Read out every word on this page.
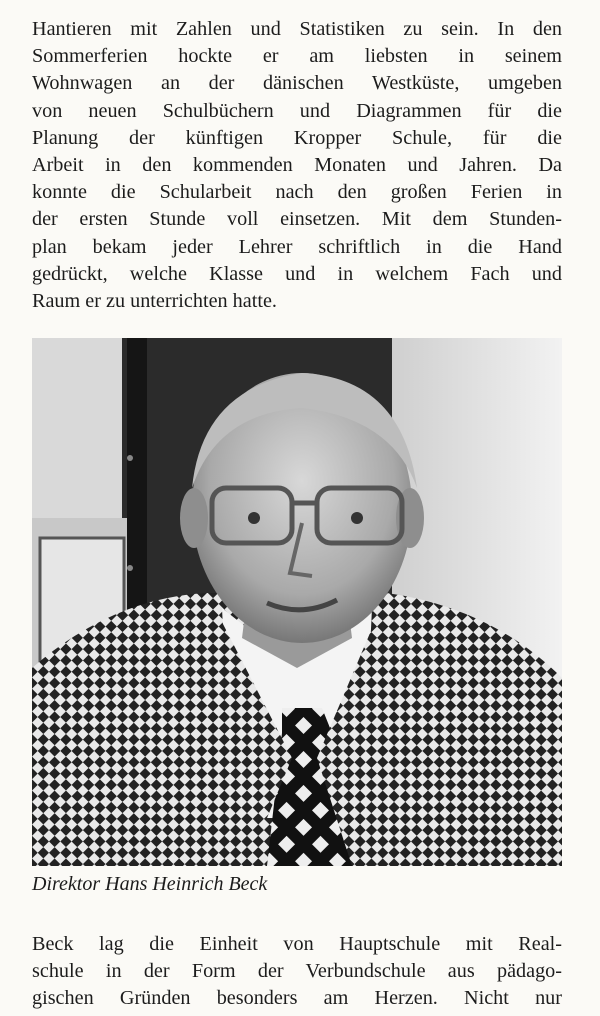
Hantieren mit Zahlen und Statistiken zu sein. In den
Sommerferien hockte er am liebsten in seinem
Wohnwagen an der dänischen Westküste, umgeben
von neuen Schulbüchern und Diagrammen für die
Planung der künftigen Kropper Schule, für die
Arbeit in den kommenden Monaten und Jahren. Da
konnte die Schularbeit nach den großen Ferien in
der ersten Stunde voll einsetzen. Mit dem Stunden-
plan bekam jeder Lehrer schriftlich in die Hand
gedrückt, welche Klasse und in welchem Fach und
Raum er zu unterrichten hatte.
Direktor Hans Heinrich Beck
Beck lag die Einheit von Hauptschule mit Real-
schule in der Form der Verbundschule aus pädago-
gischen Gründen besonders am Herzen. Nicht nur
